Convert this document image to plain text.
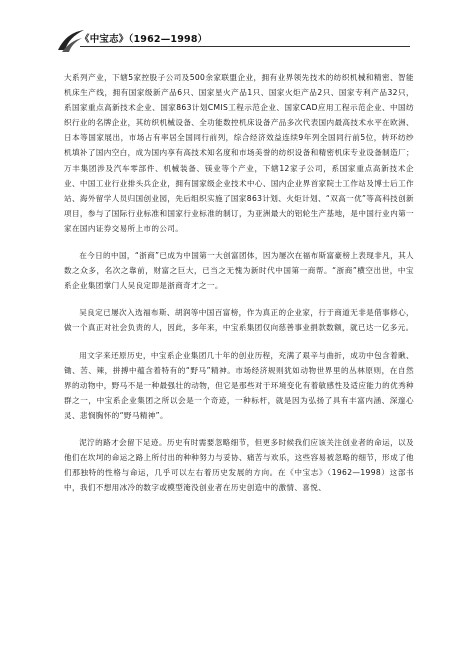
《中宝志》（1962—1998）

大系列产业，下辖5家控股子公司及500余家联盟企业，拥有业界领先技术的纺织机械和精密、智能机床生产线，拥有国家级新产品6只、国家星火产品1只、国家火炬产品2只、国家专利产品32只，系国家重点高新技术企业、国家863计划CMIS工程示范企业、国家CAD应用工程示范企业、中国纺织行业的名牌企业，其纺织机械设备、全功能数控机床设备产品多次代表国内最高技术水平在欧洲、日本等国家展出，市场占有率居全国同行前列，综合经济效益连续9年列全国同行前5位，转环纺纱机填补了国内空白，成为国内享有高技术知名度和市场美誉的纺织设备和精密机床专业设备制造厂；万丰集团涉及汽车零部件、机械装备、镁业等个产业，下辖12家子公司，系国家重点高新技术企业、中国工业行业排头兵企业，拥有国家级企业技术中心、国内企业界首家院士工作站及博士后工作站、海外留学人员归国创业园，先后组织实施了国家863计划、火炬计划、“双高一优”等高科技创新项目，参与了国际行业标准和国家行业标准的制订，为亚洲最大的铝轮生产基地，是中国行业内第一家在国内证券交易所上市的公司。

在今日的中国，“浙商”已成为中国第一大创富团体，因为屡次在福布斯富豪榜上表现非凡，其人数之众多，名次之靠前，财富之巨大，已当之无愧为新时代中国第一商帮。“浙商”横空出世，中宝系企业集团掌门人吴良定即是浙商奇才之一。

吴良定已屡次入选福布斯、胡润等中国百富榜，作为真正的企业家，行于商道无非是借事修心，做一个真正对社会负责的人，因此，多年来，中宝系集团仅向慈善事业捐款数额，就已达一亿多元。

用文字来还原历史，中宝系企业集团几十年的创业历程，充满了艰辛与曲折，成功中包含着瞅、锄、苦、辣，拼搏中蕴含着特有的“野马”精神。市场经济规则犹如动物世界里的丛林原则，在自然界的动物中，野马不是一种最强壮的动物，但它是那些对于环境变化有着敏感性及适应能力的优秀种群之一，中宝系企业集团之所以会是一个奇迹，一种标杆，就是因为弘扬了具有丰富内涵、深邃心灵、悲悯胸怀的“野马精神”。

泥泞的路才会留下足迹。历史有时需要忽略细节，但更多时候我们应该关注创业者的命运，以及他们在坎坷的命运之路上所付出的种种努力与妥协、痛苦与欢乐，这些容易被忽略的细节，形成了他们那独特的性格与命运，几乎可以左右着历史发展的方向。在《中宝志》（1962—1998）这部书中，我们不想用冰冷的数字或模型淹没创业者在历史创造中的激情、喜悦、
